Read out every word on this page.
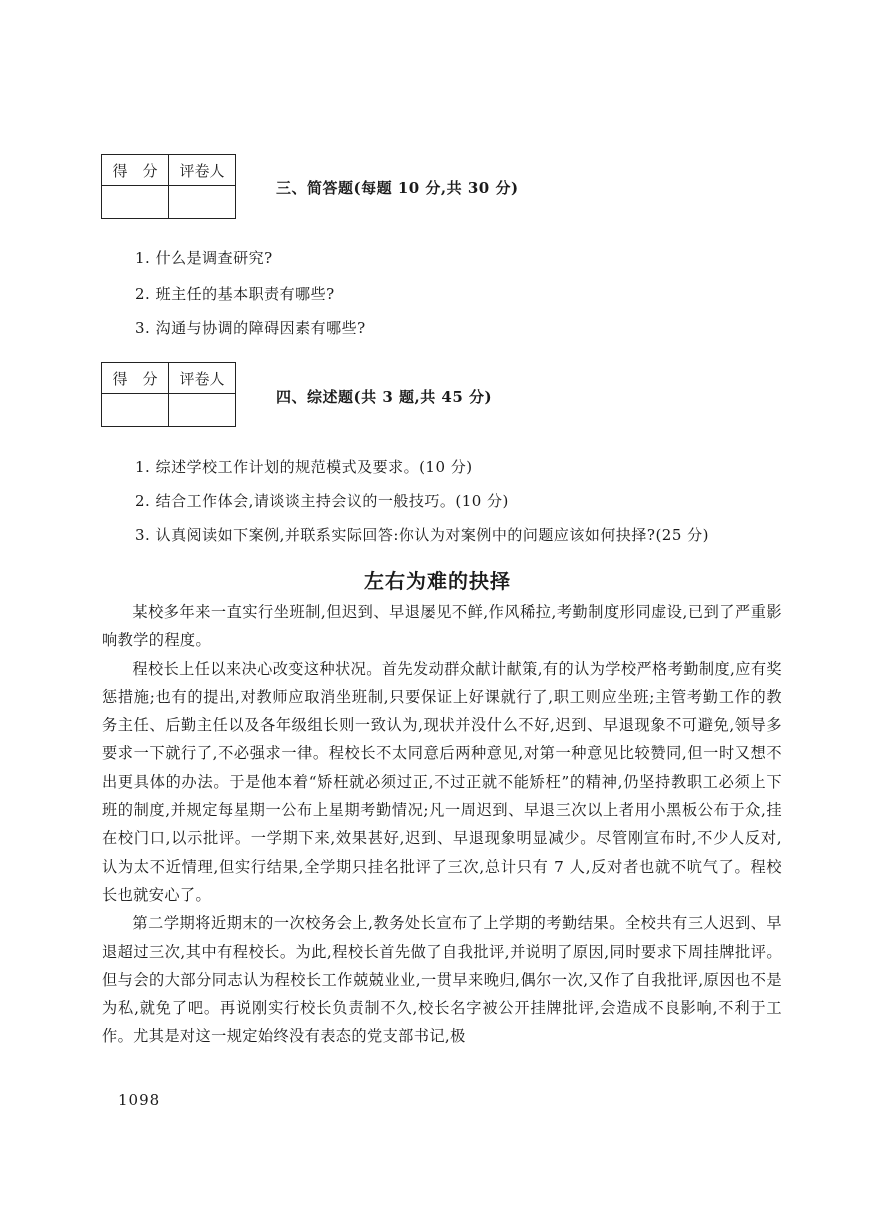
得　分	评卷人

三、简答题(每题 10 分,共 30 分)
1. 什么是调查研究?
2. 班主任的基本职责有哪些?
3. 沟通与协调的障碍因素有哪些?
得　分	评卷人

四、综述题(共 3 题,共 45 分)
1. 综述学校工作计划的规范模式及要求。(10 分)
2. 结合工作体会,请谈谈主持会议的一般技巧。(10 分)
3. 认真阅读如下案例,并联系实际回答:你认为对案例中的问题应该如何抉择?(25 分)
左右为难的抉择

某校多年来一直实行坐班制,但迟到、早退屡见不鲜,作风稀拉,考勤制度形同虚设,已到了严重影响教学的程度。

程校长上任以来决心改变这种状况。首先发动群众献计献策,有的认为学校严格考勤制度,应有奖惩措施;也有的提出,对教师应取消坐班制,只要保证上好课就行了,职工则应坐班;主管考勤工作的教务主任、后勤主任以及各年级组长则一致认为,现状并没什么不好,迟到、早退现象不可避免,领导多要求一下就行了,不必强求一律。程校长不太同意后两种意见,对第一种意见比较赞同,但一时又想不出更具体的办法。于是他本着“矫枉就必须过正,不过正就不能矫枉”的精神,仍坚持教职工必须上下班的制度,并规定每星期一公布上星期考勤情况;凡一周迟到、早退三次以上者用小黑板公布于众,挂在校门口,以示批评。一学期下来,效果甚好,迟到、早退现象明显减少。尽管刚宣布时,不少人反对,认为太不近情理,但实行结果,全学期只挂名批评了三次,总计只有 7 人,反对者也就不吭气了。程校长也就安心了。

第二学期将近期末的一次校务会上,教务处长宣布了上学期的考勤结果。全校共有三人迟到、早退超过三次,其中有程校长。为此,程校长首先做了自我批评,并说明了原因,同时要求下周挂牌批评。但与会的大部分同志认为程校长工作兢兢业业,一贯早来晚归,偶尔一次,又作了自我批评,原因也不是为私,就免了吧。再说刚实行校长负责制不久,校长名字被公开挂牌批评,会造成不良影响,不利于工作。尤其是对这一规定始终没有表态的党支部书记,极

1098
